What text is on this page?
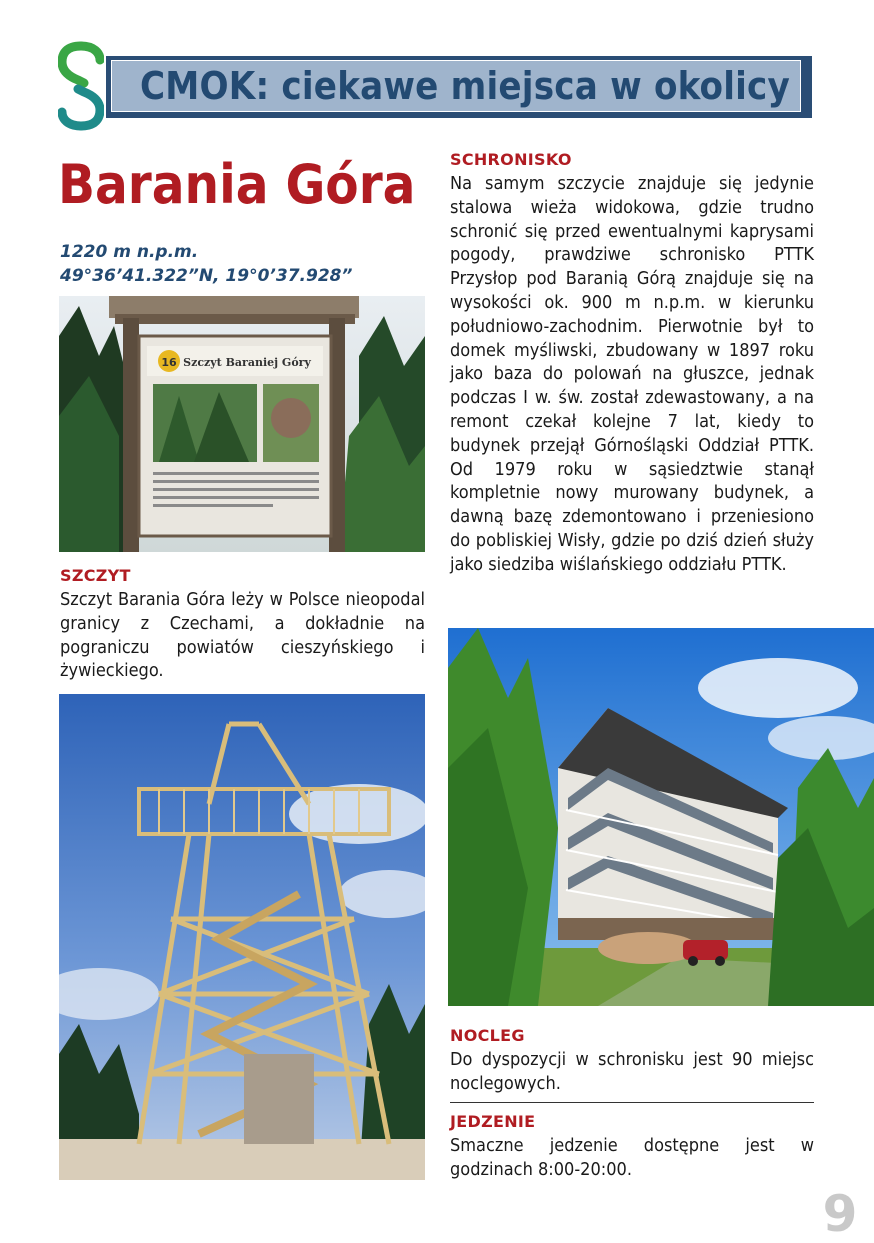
CMOK: ciekawe miejsca w okolicy
Barania Góra
1220 m n.p.m.
49°36’41.322”N, 19°0’37.928”
16 Szczyt Baraniej Góry
SZCZYT
Szczyt Barania Góra leży w Polsce nieopodal granicy z Czechami, a dokładnie na pograniczu powiatów cieszyńskiego i żywieckiego.
SCHRONISKO
Na samym szczycie znajduje się jedynie stalowa wieża widokowa, gdzie trudno schronić się przed ewentualnymi kaprysami pogody, prawdziwe schronisko PTTK Przysłop pod Baranią Górą znajduje się na wysokości ok. 900 m n.p.m. w kierunku południowo-zachodnim. Pierwotnie był to domek myśliwski, zbudowany w 1897 roku jako baza do polowań na głuszce, jednak podczas I w. św. został zdewastowany, a na remont czekał kolejne 7 lat, kiedy to budynek przejął Górnośląski Oddział PTTK. Od 1979 roku w sąsiedztwie stanął kompletnie nowy murowany budynek, a dawną bazę zdemontowano i przeniesiono do pobliskiej Wisły, gdzie po dziś dzień służy jako siedziba wiślańskiego oddziału PTTK.
NOCLEG
Do dyspozycji w schronisku jest 90 miejsc noclegowych.
JEDZENIE
Smaczne jedzenie dostępne jest w godzinach 8:00-20:00.
9
